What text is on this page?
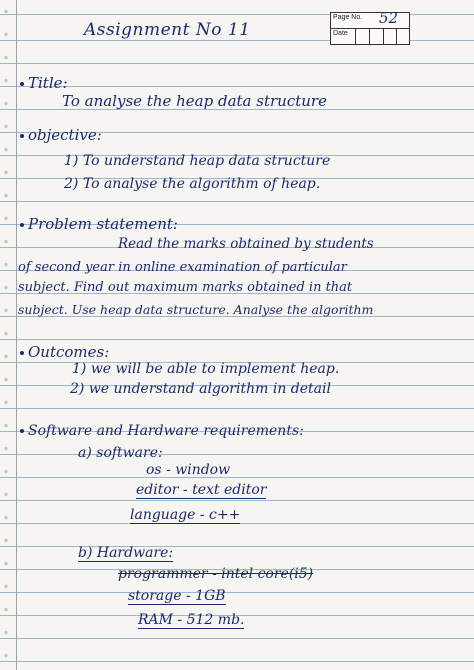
Assignment No 11
Page No. 52
Date
Title:
To analyse the heap data structure
objective:
1) To understand heap data structure
2) To analyse the algorithm of heap.
Problem statement:
Read the marks obtained by students
of second year in online examination of particular
subject. Find out maximum marks obtained in that
subject. Use heap data structure. Analyse the algorithm
Outcomes:
1) we will be able to implement heap.
2) we understand algorithm in detail
Software and Hardware requirements:
a) software:
os - window
editor - text editor
language - c++
b) Hardware:
programmer - intel core(i5)
storage - 1GB
RAM - 512 mb.
